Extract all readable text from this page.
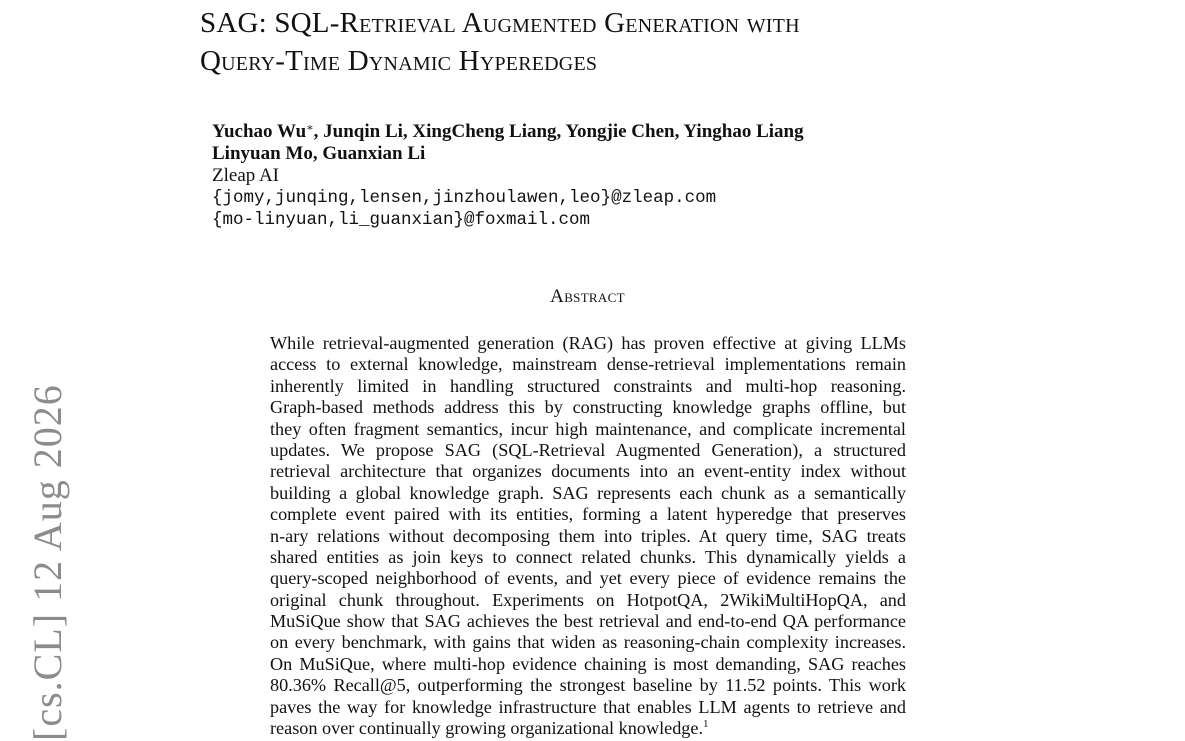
SAG: SQL-Retrieval Augmented Generation with
Query-Time Dynamic Hyperedges
Yuchao Wu∗, Junqin Li, XingCheng Liang, Yongjie Chen, Yinghao Liang
Linyuan Mo, Guanxian Li
Zleap AI
{jomy,junqing,lensen,jinzhoulawen,leo}@zleap.com
{mo-linyuan,li_guanxian}@foxmail.com
Abstract
While retrieval-augmented generation (RAG) has proven effective at giving LLMs
access to external knowledge, mainstream dense-retrieval implementations remain
inherently limited in handling structured constraints and multi-hop reasoning.
Graph-based methods address this by constructing knowledge graphs offline, but
they often fragment semantics, incur high maintenance, and complicate incremental
updates. We propose SAG (SQL-Retrieval Augmented Generation), a structured
retrieval architecture that organizes documents into an event-entity index without
building a global knowledge graph. SAG represents each chunk as a semantically
complete event paired with its entities, forming a latent hyperedge that preserves
n-ary relations without decomposing them into triples. At query time, SAG treats
shared entities as join keys to connect related chunks. This dynamically yields a
query-scoped neighborhood of events, and yet every piece of evidence remains the
original chunk throughout. Experiments on HotpotQA, 2WikiMultiHopQA, and
MuSiQue show that SAG achieves the best retrieval and end-to-end QA performance
on every benchmark, with gains that widen as reasoning-chain complexity increases.
On MuSiQue, where multi-hop evidence chaining is most demanding, SAG reaches
80.36% Recall@5, outperforming the strongest baseline by 11.52 points. This work
paves the way for knowledge infrastructure that enables LLM agents to retrieve and
reason over continually growing organizational knowledge.$^1$
[cs.CL] 12 Aug 2026
